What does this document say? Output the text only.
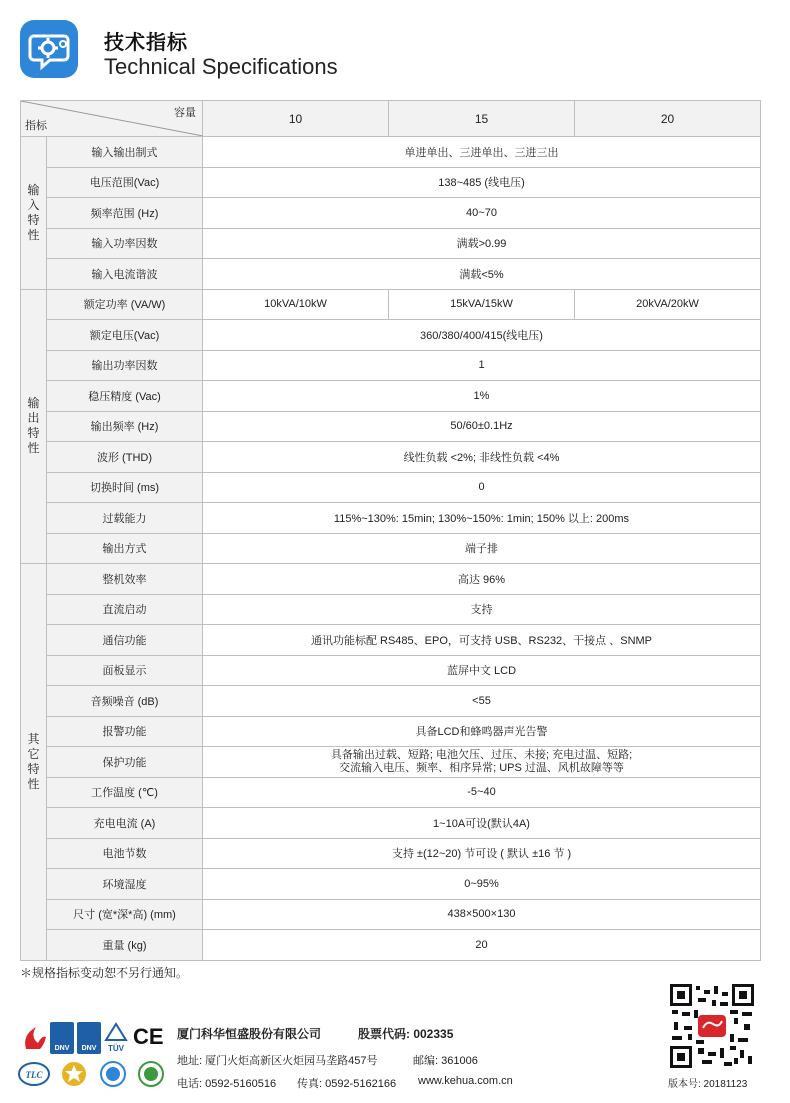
技术指标
Technical Specifications
容量
指标		10	15	20
输
入
特
性	输入输出制式	单进单出、三进单出、三进三出		
	电压范围(Vac)	138~485 (线电压)		
	频率范围 (Hz)	40~70		
	输入功率因数	满载>0.99		
	输入电流谐波	满载<5%		
输
出
特
性	额定功率 (VA/W)	10kVA/10kW	15kVA/15kW	20kVA/20kW
	额定电压(Vac)	360/380/400/415(线电压)		
	输出功率因数	1		
	稳压精度 (Vac)	1%		
	输出频率 (Hz)	50/60±0.1Hz		
	波形 (THD)	线性负载 <2%; 非线性负载 <4%		
	切换时间 (ms)	0		
	过载能力	115%~130%: 15min; 130%~150%: 1min; 150% 以上: 200ms		
	输出方式	端子排		
其
它
特
性	整机效率	高达 96%		
	直流启动	支持		
	通信功能	通讯功能标配 RS485、EPO，可支持 USB、RS232、干接点 、SNMP		
	面板显示	蓝屏中文 LCD		
	音频噪音 (dB)	<55		
	报警功能	具备LCD和蜂鸣器声光告警		
	保护功能	具备输出过载、短路; 电池欠压、过压、未接; 充电过温、短路;
交流输入电压、频率、相序异常; UPS 过温、风机故障等等		
	工作温度 (℃)	-5~40		
	充电电流 (A)	1~10A可设(默认4A)		
	电池节数	支持 ±(12~20) 节可设 ( 默认 ±16 节 )		
	环境湿度	0~95%		
	尺寸 (宽*深*高) (mm)	438×500×130		
	重量 (kg)	20		
＊规格指标变动恕不另行通知。
DNV	DNV	TÜV CE
TLC
厦门科华恒盛股份有限公司	股票代码: 002335
地址: 厦门火炬高新区火炬园马垄路457号	邮编: 361006
电话: 0592-5160516 传真: 0592-5162166 www.kehua.com.cn	版本号: 20181123
